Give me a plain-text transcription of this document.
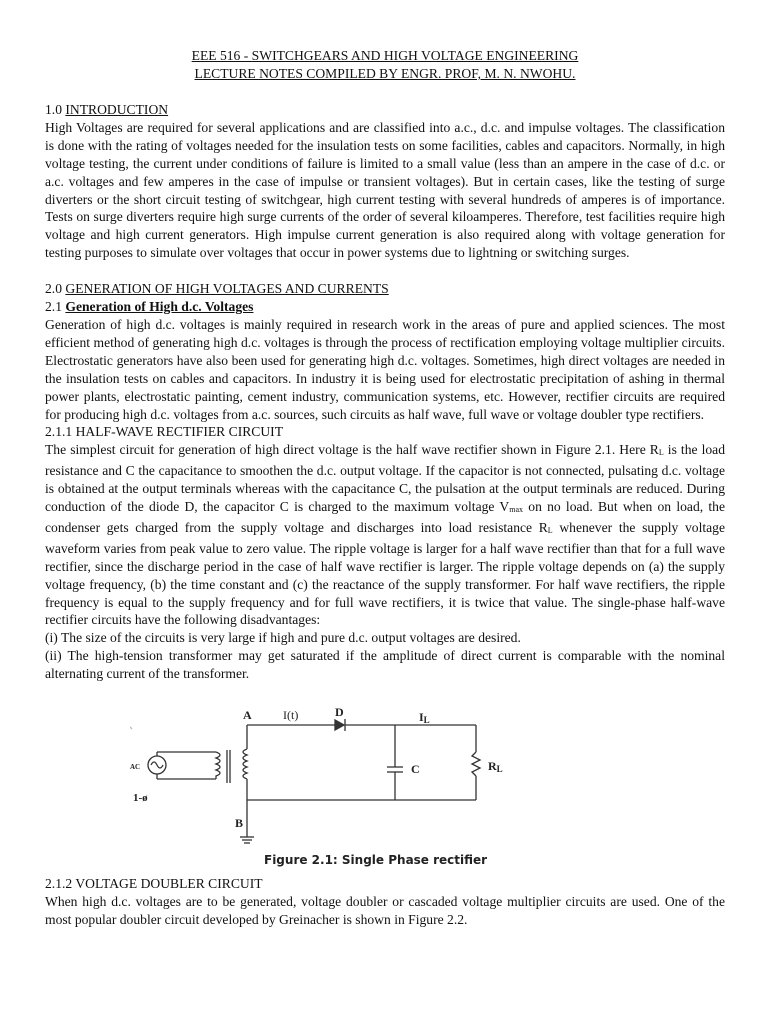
EEE 516 - SWITCHGEARS AND HIGH VOLTAGE ENGINEERING
LECTURE NOTES COMPILED BY ENGR. PROF, M. N. NWOHU.

1.0 INTRODUCTION

High Voltages are required for several applications and are classified into a.c., d.c. and impulse voltages. The classification is done with the rating of voltages needed for the insulation tests on some facilities, cables and capacitors. Normally, in high voltage testing, the current under conditions of failure is limited to a small value (less than an ampere in the case of d.c. or a.c. voltages and few amperes in the case of impulse or transient voltages). But in certain cases, like the testing of surge diverters or the short circuit testing of switchgear, high current testing with several hundreds of amperes is of importance. Tests on surge diverters require high surge currents of the order of several kiloamperes. Therefore, test facilities require high voltage and high current generators. High impulse current generation is also required along with voltage generation for testing purposes to simulate over voltages that occur in power systems due to lightning or switching surges.

2.0 GENERATION OF HIGH VOLTAGES AND CURRENTS

2.1 Generation of High d.c. Voltages

Generation of high d.c. voltages is mainly required in research work in the areas of pure and applied sciences. The most efficient method of generating high d.c. voltages is through the process of rectification employing voltage multiplier circuits. Electrostatic generators have also been used for generating high d.c. voltages. Sometimes, high direct voltages are needed in the insulation tests on cables and capacitors. In industry it is being used for electrostatic precipitation of ashing in thermal power plants, electrostatic painting, cement industry, communication systems, etc. However, rectifier circuits are required for producing high d.c. voltages from a.c. sources, such circuits as half wave, full wave or voltage doubler type rectifiers.

2.1.1 HALF-WAVE RECTIFIER CIRCUIT

The simplest circuit for generation of high direct voltage is the half wave rectifier shown in Figure 2.1. Here $R_L$ is the load resistance and C the capacitance to smoothen the d.c. output voltage. If the capacitor is not connected, pulsating d.c. voltage is obtained at the output terminals whereas with the capacitance C, the pulsation at the output terminals are reduced. During conduction of the diode D, the capacitor C is charged to the maximum voltage $V_{max}$ on no load. But when on load, the condenser gets charged from the supply voltage and discharges into load resistance $R_L$ whenever the supply voltage waveform varies from peak value to zero value. The ripple voltage is larger for a half wave rectifier than that for a full wave rectifier, since the discharge period in the case of half wave rectifier is larger. The ripple voltage depends on (a) the supply voltage frequency, (b) the time constant and (c) the reactance of the supply transformer. For half wave rectifiers, the ripple frequency is equal to the supply frequency and for full wave rectifiers, it is twice that value. The single-phase half-wave rectifier circuits have the following disadvantages:

(i) The size of the circuits is very large if high and pure d.c. output voltages are desired.

(ii) The high-tension transformer may get saturated if the amplitude of direct current is comparable with the nominal alternating current of the transformer.

A	I(t)	D	IL
AC
1-ø
C	RL
B
Figure 2.1: Single Phase rectifier

2.1.2 VOLTAGE DOUBLER CIRCUIT

When high d.c. voltages are to be generated, voltage doubler or cascaded voltage multiplier circuits are used. One of the most popular doubler circuit developed by Greinacher is shown in Figure 2.2.
